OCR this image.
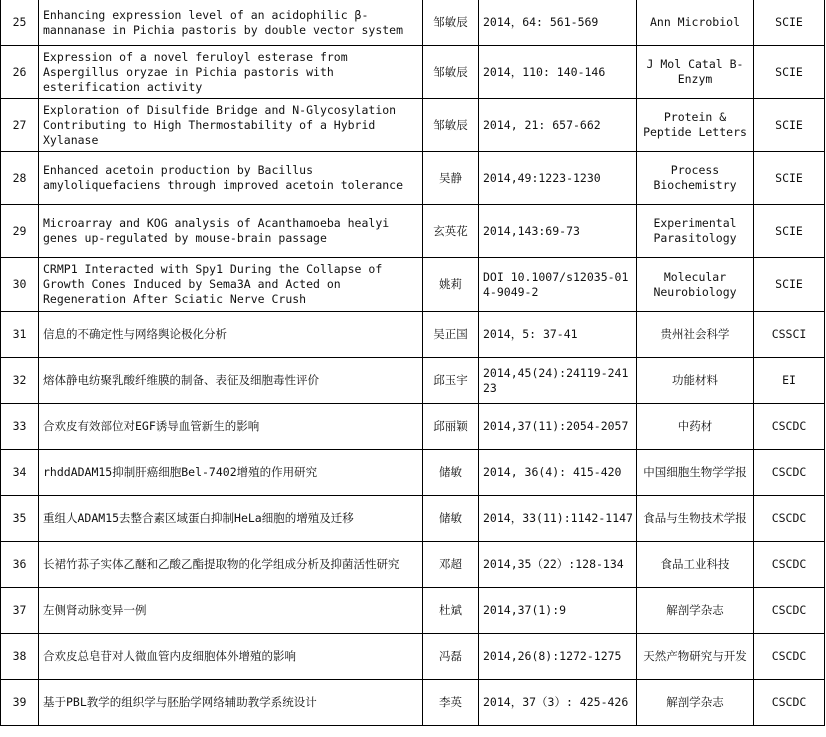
25	Enhancing expression level of an acidophilic β-mannanase in Pichia pastoris by double vector system	邹敏辰	2014，64: 561-569	Ann Microbiol	SCIE
26	Expression of a novel feruloyl esterase from Aspergillus oryzae in Pichia pastoris with esterification activity	邹敏辰	2014，110: 140-146	J Mol Catal B-Enzym	SCIE
27	Exploration of Disulfide Bridge and N-Glycosylation Contributing to High Thermostability of a Hybrid Xylanase	邹敏辰	2014, 21: 657-662	Protein & Peptide Letters	SCIE
28	Enhanced acetoin production by Bacillus amyloliquefaciens through improved acetoin tolerance	吴静	2014,49:1223-1230	Process Biochemistry	SCIE
29	Microarray and KOG analysis of Acanthamoeba healyi genes up-regulated by mouse-brain passage	玄英花	2014,143:69-73	Experimental Parasitology	SCIE
30	CRMP1 Interacted with Spy1 During the Collapse of Growth Cones Induced by Sema3A and Acted on Regeneration After Sciatic Nerve Crush	姚莉	DOI 10.1007/s12035-014-9049-2	Molecular Neurobiology	SCIE
31	信息的不确定性与网络舆论极化分析	吴正国	2014，5: 37-41	贵州社会科学	CSSCI
32	熔体静电纺聚乳酸纤维膜的制备、表征及细胞毒性评价	邱玉宇	2014,45(24):24119-24123	功能材料	EI
33	合欢皮有效部位对EGF诱导血管新生的影响	邱丽颖	2014,37(11):2054-2057	中药材	CSCDC
34	rhddADAM15抑制肝癌细胞Bel-7402增殖的作用研究	储敏	2014, 36(4): 415-420	中国细胞生物学学报	CSCDC
35	重组人ADAM15去整合素区域蛋白抑制HeLa细胞的增殖及迁移	储敏	2014，33(11):1142-1147	食品与生物技术学报	CSCDC
36	长裙竹荪子实体乙醚和乙酸乙酯提取物的化学组成分析及抑菌活性研究	邓超	2014,35（22）:128-134	食品工业科技	CSCDC
37	左侧肾动脉变异一例	杜斌	2014,37(1):9	解剖学杂志	CSCDC
38	合欢皮总皂苷对人微血管内皮细胞体外增殖的影响	冯磊	2014,26(8):1272-1275	天然产物研究与开发	CSCDC
39	基于PBL教学的组织学与胚胎学网络辅助教学系统设计	李英	2014，37（3）: 425-426	解剖学杂志	CSCDC
